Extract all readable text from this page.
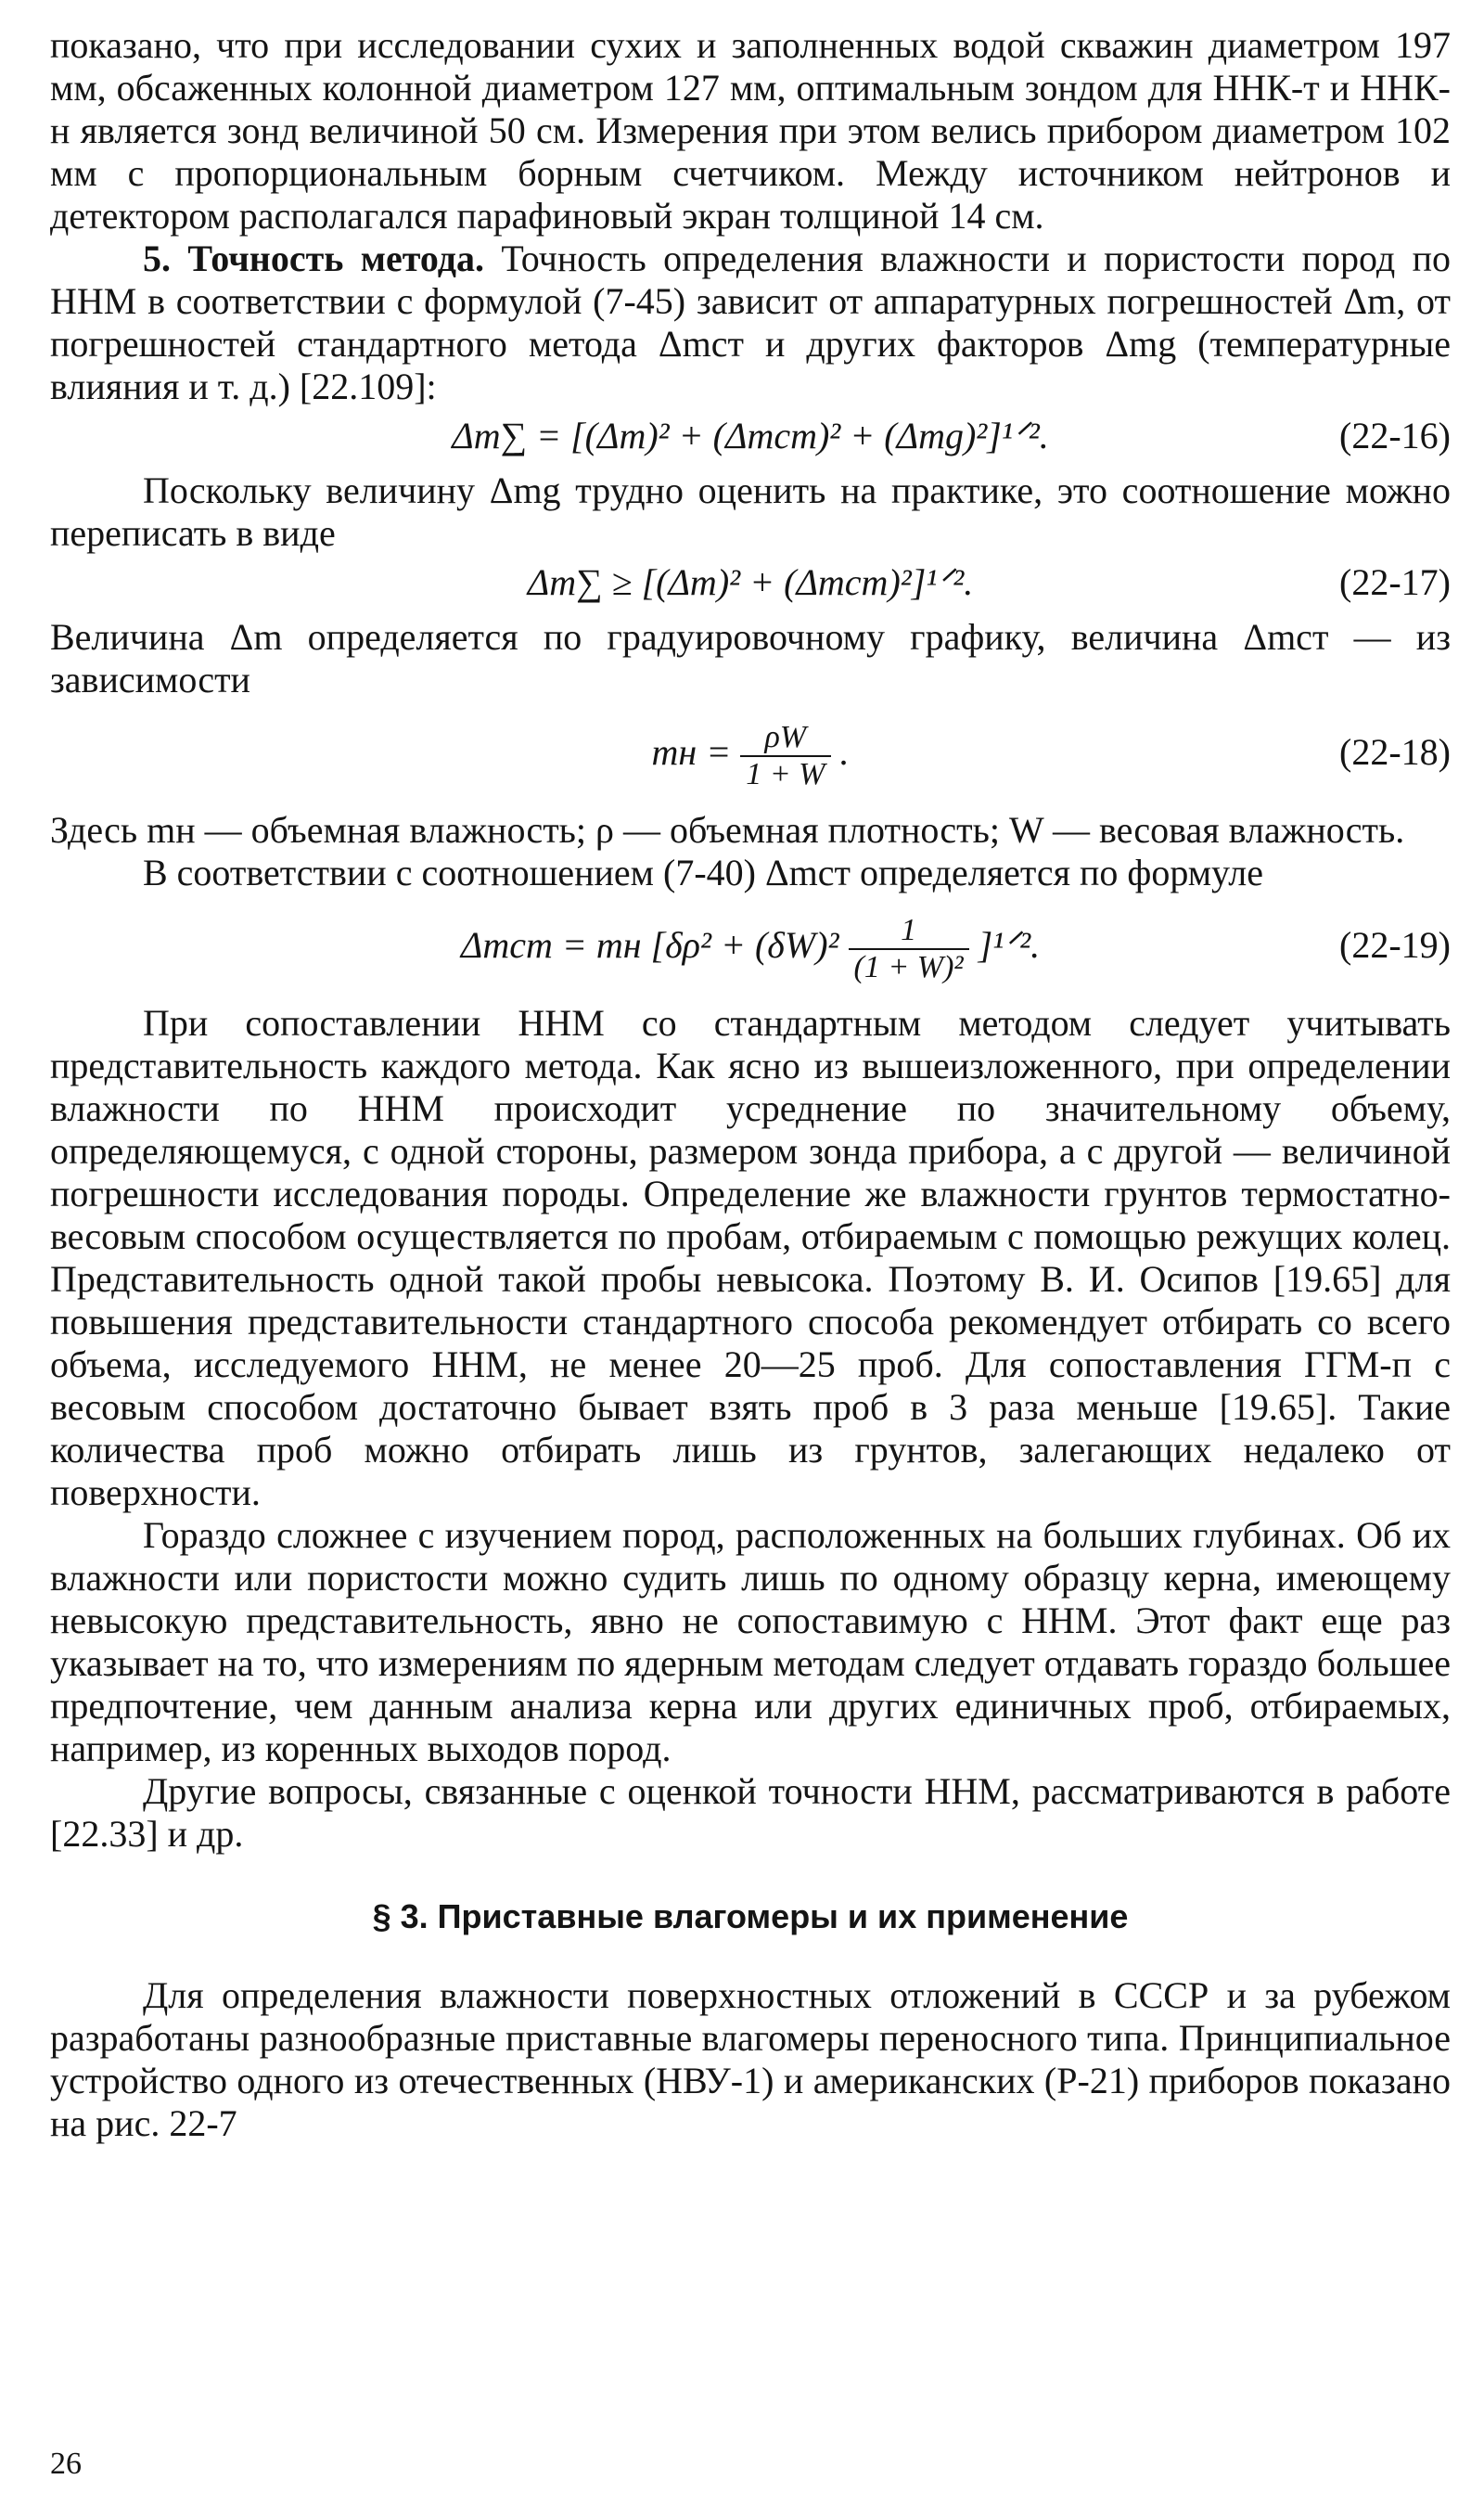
показано, что при исследовании сухих и заполненных водой скважин диаметром 197 мм, обсаженных колонной диаметром 127 мм, оптимальным зондом для ННК-т и ННК-н является зонд величиной 50 см. Измерения при этом велись прибором диаметром 102 мм с пропорциональным борным счетчиком. Между источником нейтронов и детектором располагался парафиновый экран толщиной 14 см.

5. Точность метода. Точность определения влажности и пористости пород по ННМ в соответствии с формулой (7-45) зависит от аппаратурных погрешностей Δm, от погрешностей стандартного метода Δmст и других факторов Δmg (температурные влияния и т. д.) [22.109]:

Δm∑ = [(Δm)² + (Δmст)² + (Δmg)²]¹ᐟ².	(22-16)

Поскольку величину Δmg трудно оценить на практике, это соотношение можно переписать в виде

Δm∑ ≥ [(Δm)² + (Δmст)²]¹ᐟ².	(22-17)

Величина Δm определяется по градуировочному графику, величина Δmст — из зависимости

mн = $\frac{\rho W}{1 + W}$ .	(22-18)

Здесь mн — объемная влажность; ρ — объемная плотность; W — весовая влажность.

В соответствии с соотношением (7-40) Δmст определяется по формуле

Δmст = mн [$\delta\rho^2 + (\delta W)^2 \frac{1}{\text{(1 + W)²}}$ ]¹ᐟ².	(22-19)

При сопоставлении ННМ со стандартным методом следует учитывать представительность каждого метода. Как ясно из вышеизложенного, при определении влажности по ННМ происходит усреднение по значительному объему, определяющемуся, с одной стороны, размером зонда прибора, а с другой — величиной погрешности исследования породы. Определение же влажности грунтов термостатно-весовым способом осуществляется по пробам, отбираемым с помощью режущих колец. Представительность одной такой пробы невысока. Поэтому В. И. Осипов [19.65] для повышения представительности стандартного способа рекомендует отбирать со всего объема, исследуемого ННМ, не менее 20—25 проб. Для сопоставления ГГМ-п с весовым способом достаточно бывает взять проб в 3 раза меньше [19.65]. Такие количества проб можно отбирать лишь из грунтов, залегающих недалеко от поверхности.

Гораздо сложнее с изучением пород, расположенных на больших глубинах. Об их влажности или пористости можно судить лишь по одному образцу керна, имеющему невысокую представительность, явно не сопоставимую с ННМ. Этот факт еще раз указывает на то, что измерениям по ядерным методам следует отдавать гораздо большее предпочтение, чем данным анализа керна или других единичных проб, отбираемых, например, из коренных выходов пород.

Другие вопросы, связанные с оценкой точности ННМ, рассматриваются в работе [22.33] и др.

§ 3. Приставные влагомеры и их применение

Для определения влажности поверхностных отложений в СССР и за рубежом разработаны разнообразные приставные влагомеры переносного типа. Принципиальное устройство одного из отечественных (НВУ-1) и американских (Р-21) приборов показано на рис. 22-7

26
